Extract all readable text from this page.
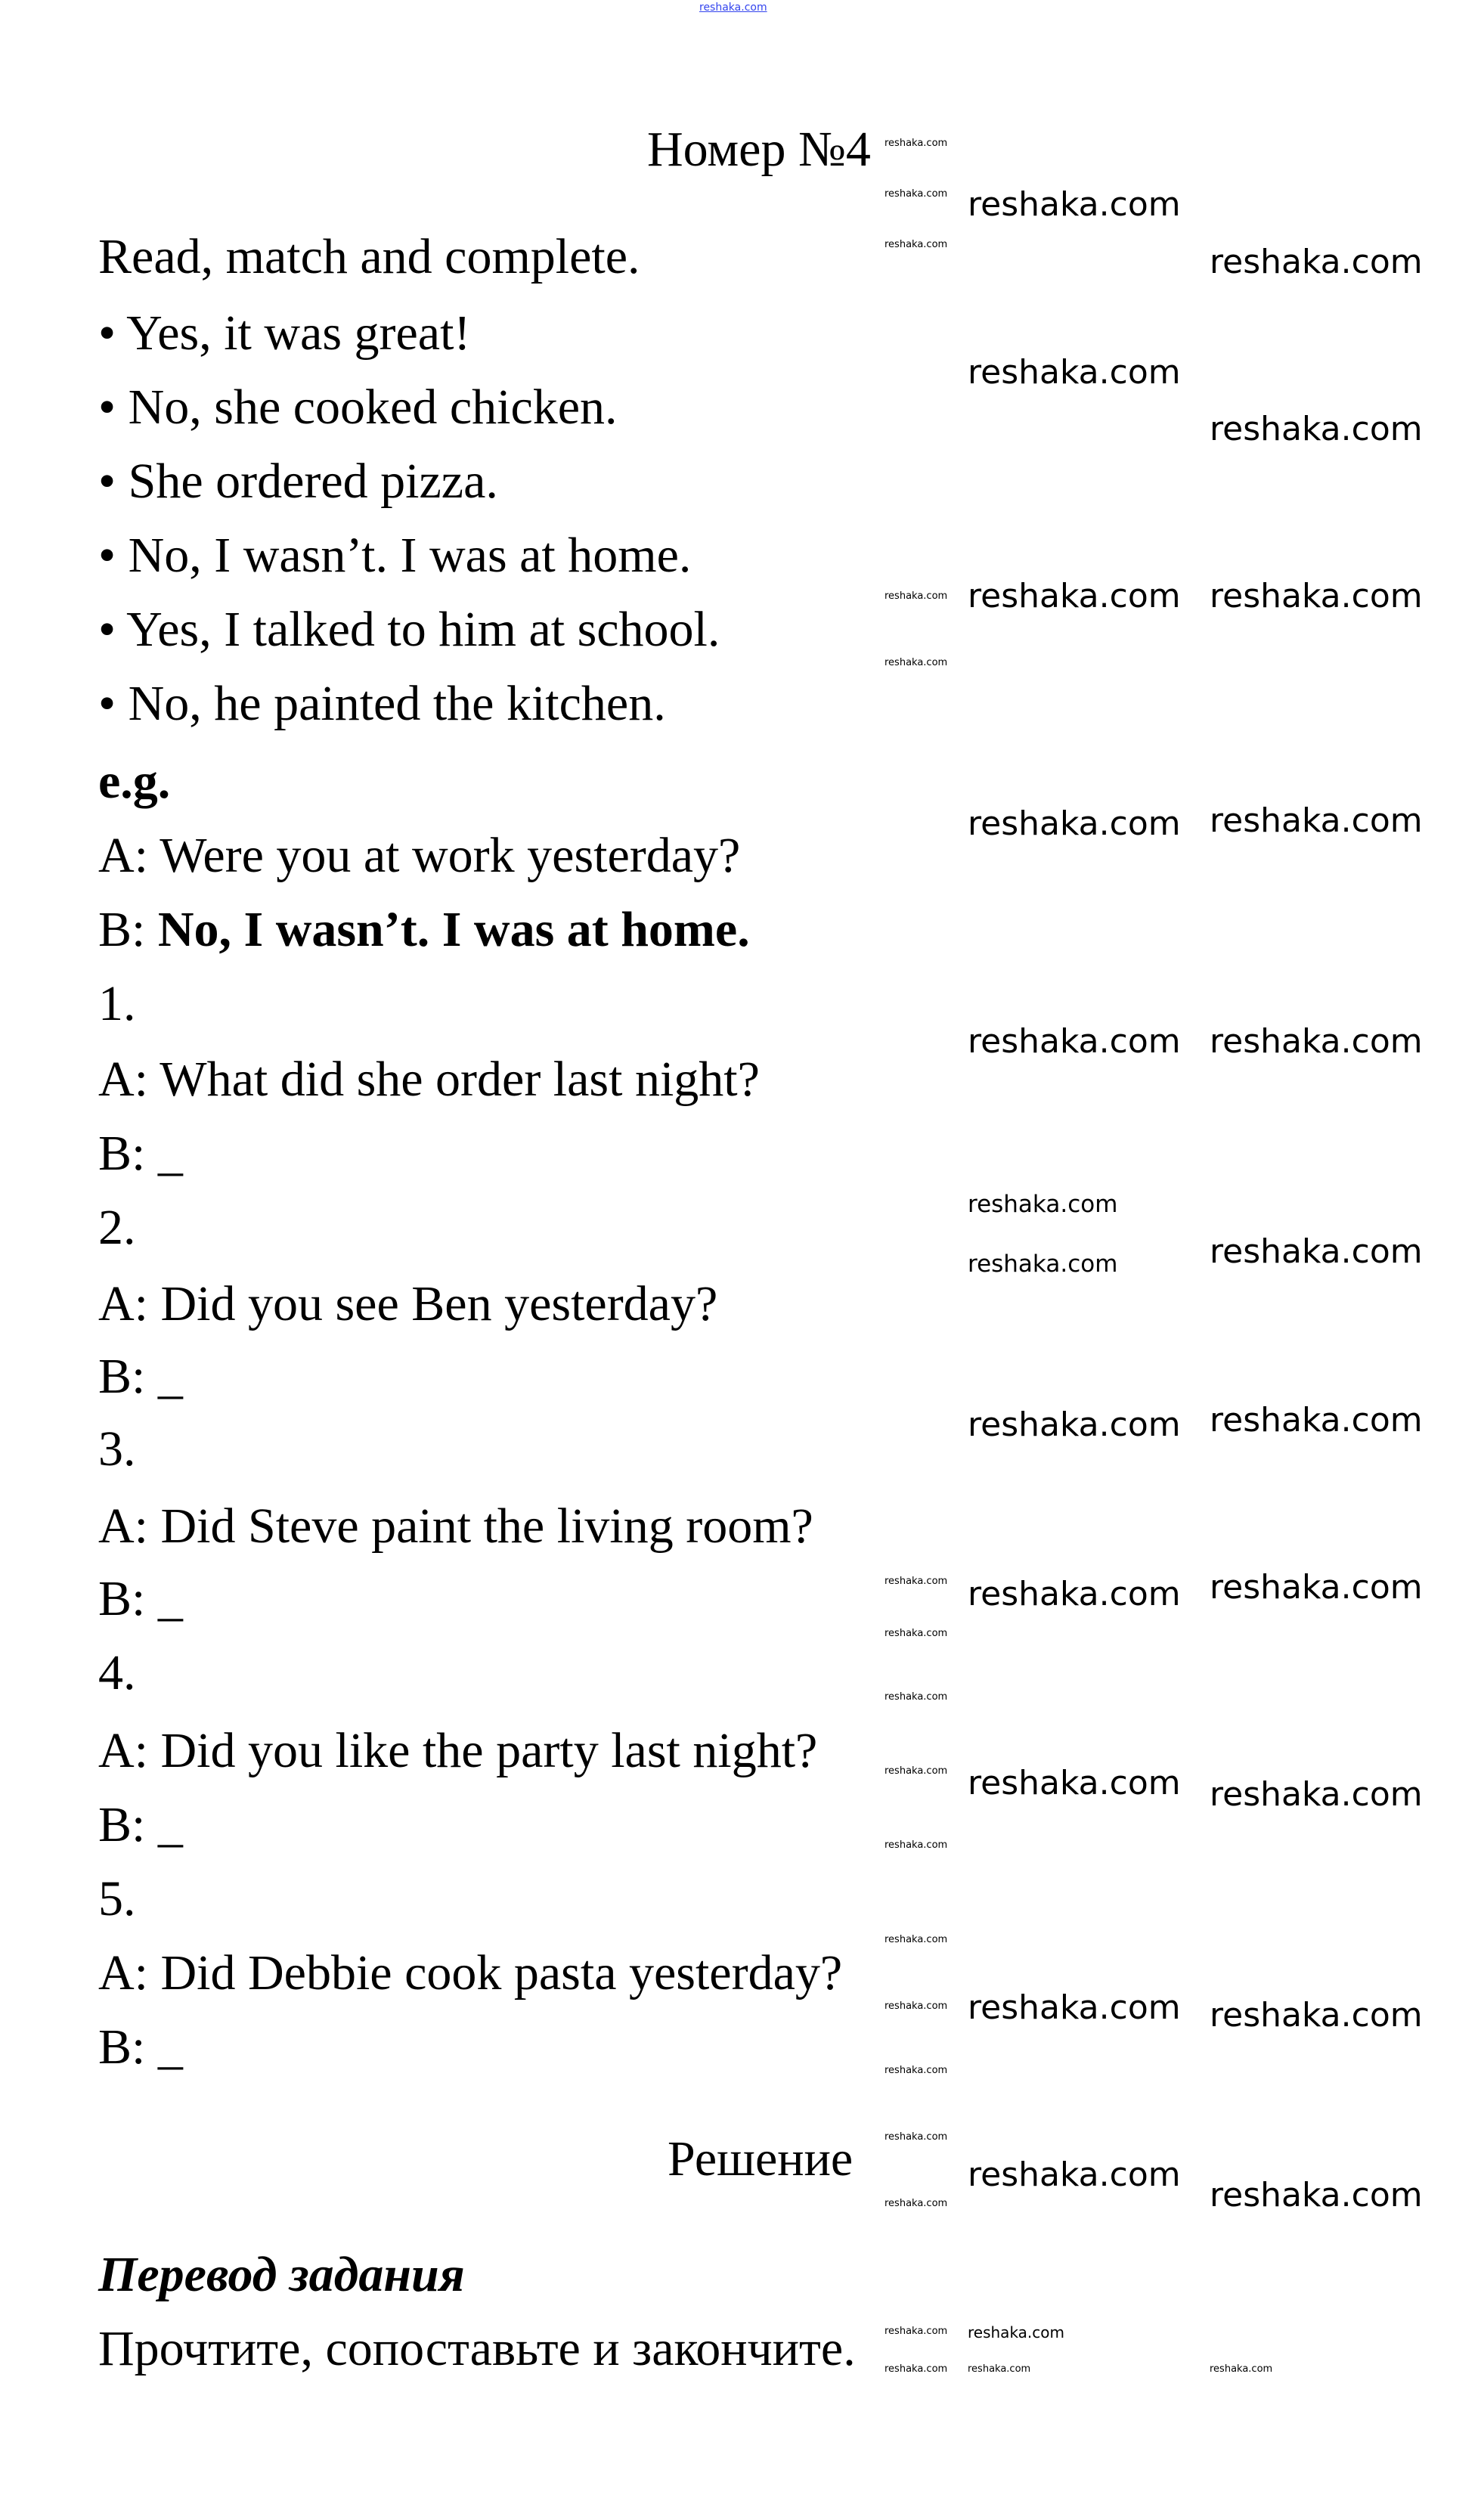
reshaka.com
Номер №4
Read, match and complete.
• Yes, it was great!
• No, she cooked chicken.
• She ordered pizza.
• No, I wasn’t. I was at home.
• Yes, I talked to him at school.
• No, he painted the kitchen.
e.g.
A: Were you at work yesterday?
B: No, I wasn’t. I was at home.
1.
A: What did she order last night?
B: _
2.
A: Did you see Ben yesterday?
B: _
3.
A: Did Steve paint the living room?
B: _
4.
A: Did you like the party last night?
B: _
5.
A: Did Debbie cook pasta yesterday?
B: _
Решение
Перевод задания
Прочтите, сопоставьте и закончите.
reshaka.com
reshaka.com
reshaka.com
reshaka.com
reshaka.com
reshaka.com
reshaka.com
reshaka.com reshaka.com
reshaka.com
reshaka.com
reshaka.com reshaka.com
reshaka.com reshaka.com
reshaka.com
reshaka.com	reshaka.com
reshaka.com reshaka.com
reshaka.com
reshaka.com
reshaka.com reshaka.com
reshaka.com
reshaka.com reshaka.com reshaka.com
reshaka.com
reshaka.com
reshaka.com reshaka.com reshaka.com
reshaka.com
reshaka.com
reshaka.com
reshaka.com
reshaka.com
reshaka.com
reshaka.com
reshaka.com reshaka.com	reshaka.com
